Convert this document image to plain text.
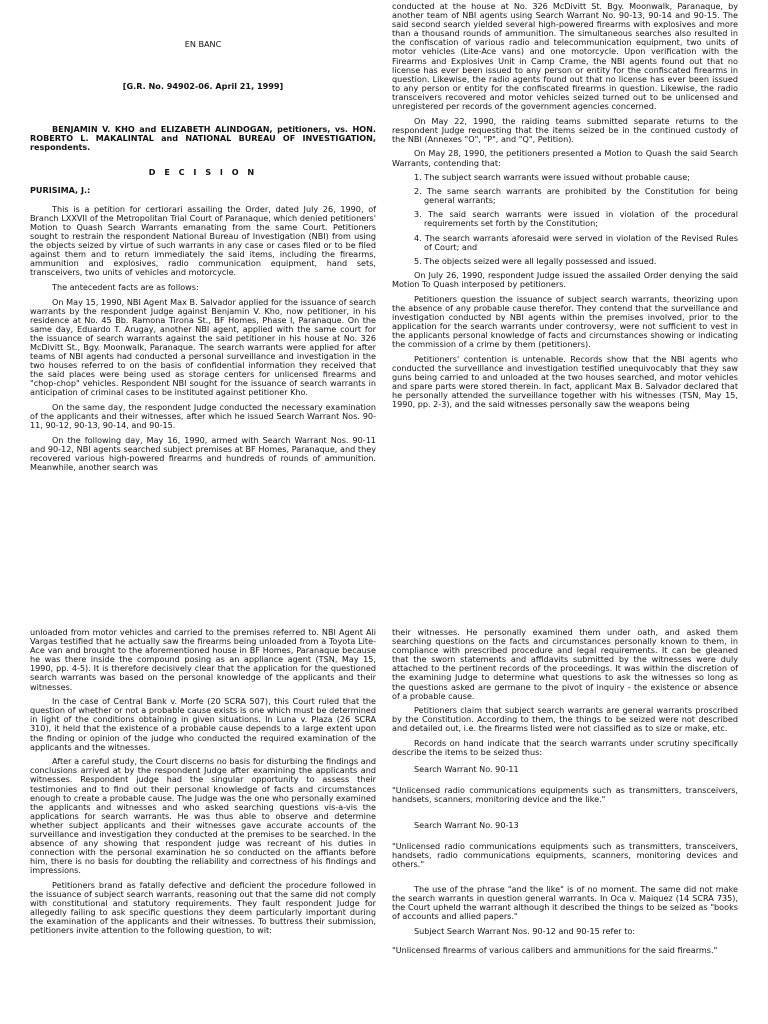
EN BANC

[G.R. No. 94902-06. April 21, 1999]

BENJAMIN V. KHO and ELIZABETH ALINDOGAN, petitioners, vs. HON. ROBERTO L. MAKALINTAL and NATIONAL BUREAU OF INVESTIGATION, respondents.

D E C I S I O N

PURISIMA, J.:

This is a petition for certiorari assailing the Order, dated July 26, 1990, of Branch LXXVII of the Metropolitan Trial Court of Paranaque, which denied petitioners' Motion to Quash Search Warrants emanating from the same Court. Petitioners sought to restrain the respondent National Bureau of Investigation (NBI) from using the objects seized by virtue of such warrants in any case or cases filed or to be filed against them and to return immediately the said items, including the firearms, ammunition and explosives, radio communication equipment, hand sets, transceivers, two units of vehicles and motorcycle.

The antecedent facts are as follows:

On May 15, 1990, NBI Agent Max B. Salvador applied for the issuance of search warrants by the respondent Judge against Benjamin V. Kho, now petitioner, in his residence at No. 45 Bb. Ramona Tirona St., BF Homes, Phase I, Paranaque. On the same day, Eduardo T. Arugay, another NBI agent, applied with the same court for the issuance of search warrants against the said petitioner in his house at No. 326 McDivitt St., Bgy. Moonwalk, Paranaque. The search warrants were applied for after teams of NBI agents had conducted a personal surveillance and investigation in the two houses referred to on the basis of confidential information they received that the said places were being used as storage centers for unlicensed firearms and "chop-chop" vehicles. Respondent NBI sought for the issuance of search warrants in anticipation of criminal cases to be instituted against petitioner Kho.

On the same day, the respondent Judge conducted the necessary examination of the applicants and their witnesses, after which he issued Search Warrant Nos. 90-11, 90-12, 90-13, 90-14, and 90-15.

On the following day, May 16, 1990, armed with Search Warrant Nos. 90-11 and 90-12, NBI agents searched subject premises at BF Homes, Paranaque, and they recovered various high-powered firearms and hundreds of rounds of ammunition. Meanwhile, another search was

conducted at the house at No. 326 McDivitt St. Bgy. Moonwalk, Paranaque, by another team of NBI agents using Search Warrant No. 90-13, 90-14 and 90-15. The said second search yielded several high-powered firearms with explosives and more than a thousand rounds of ammunition. The simultaneous searches also resulted in the confiscation of various radio and telecommunication equipment, two units of motor vehicles (Lite-Ace vans) and one motorcycle. Upon verification with the Firearms and Explosives Unit in Camp Crame, the NBI agents found out that no license has ever been issued to any person or entity for the confiscated firearms in question. Likewise, the radio agents found out that no license has ever been issued to any person or entity for the confiscated firearms in question. Likewise, the radio transceivers recovered and motor vehicles seized turned out to be unlicensed and unregistered per records of the government agencies concerned.

On May 22, 1990, the raiding teams submitted separate returns to the respondent Judge requesting that the items seized be in the continued custody of the NBI (Annexes "O", "P", and "Q", Petition).

On May 28, 1990, the petitioners presented a Motion to Quash the said Search Warrants, contending that:

1. The subject search warrants were issued without probable cause;
2. The same search warrants are prohibited by the Constitution for being general warrants;
3. The said search warrants were issued in violation of the procedural requirements set forth by the Constitution;
4. The search warrants aforesaid were served in violation of the Revised Rules of Court; and
5. The objects seized were all legally possessed and issued.

On July 26, 1990, respondent Judge issued the assailed Order denying the said Motion To Quash interposed by petitioners.

Petitioners question the issuance of subject search warrants, theorizing upon the absence of any probable cause therefor. They contend that the surveillance and investigation conducted by NBI agents within the premises involved, prior to the application for the search warrants under controversy, were not sufficient to vest in the applicants personal knowledge of facts and circumstances showing or indicating the commission of a crime by them (petitioners).

Petitioners' contention is untenable. Records show that the NBI agents who conducted the surveillance and investigation testified unequivocably that they saw guns being carried to and unloaded at the two houses searched, and motor vehicles and spare parts were stored therein. In fact, applicant Max B. Salvador declared that he personally attended the surveillance together with his witnesses (TSN, May 15, 1990, pp. 2-3), and the said witnesses personally saw the weapons being

unloaded from motor vehicles and carried to the premises referred to. NBI Agent Ali Vargas testified that he actually saw the firearms being unloaded from a Toyota Lite-Ace van and brought to the aforementioned house in BF Homes, Paranaque because he was there inside the compound posing as an appliance agent (TSN, May 15, 1990, pp. 4-5). It is therefore decisively clear that the application for the questioned search warrants was based on the personal knowledge of the applicants and their witnesses.

In the case of Central Bank v. Morfe (20 SCRA 507), this Court ruled that the question of whether or not a probable cause exists is one which must be determined in light of the conditions obtaining in given situations. In Luna v. Plaza (26 SCRA 310), it held that the existence of a probable cause depends to a large extent upon the finding or opinion of the judge who conducted the required examination of the applicants and the witnesses.

After a careful study, the Court discerns no basis for disturbing the findings and conclusions arrived at by the respondent Judge after examining the applicants and witnesses. Respondent judge had the singular opportunity to assess their testimonies and to find out their personal knowledge of facts and circumstances enough to create a probable cause. The Judge was the one who personally examined the applicants and witnesses and who asked searching questions vis-a-vis the applications for search warrants. He was thus able to observe and determine whether subject applicants and their witnesses gave accurate accounts of the surveillance and investigation they conducted at the premises to be searched. In the absence of any showing that respondent judge was recreant of his duties in connection with the personal examination he so conducted on the affiants before him, there is no basis for doubting the reliability and correctness of his findings and impressions.

Petitioners brand as fatally defective and deficient the procedure followed in the issuance of subject search warrants, reasoning out that the same did not comply with constitutional and statutory requirements. They fault respondent Judge for allegedly failing to ask specific questions they deem particularly important during the examination of the applicants and their witnesses. To buttress their submission, petitioners invite attention to the following question, to wit:

their witnesses. He personally examined them under oath, and asked them searching questions on the facts and circumstances personally known to them, in compliance with prescribed procedure and legal requirements. It can be gleaned that the sworn statements and affidavits submitted by the witnesses were duly attached to the pertinent records of the proceedings. It was within the discretion of the examining Judge to determine what questions to ask the witnesses so long as the questions asked are germane to the pivot of inquiry - the existence or absence of a probable cause.

Petitioners claim that subject search warrants are general warrants proscribed by the Constitution. According to them, the things to be seized were not described and detailed out, i.e. the firearms listed were not classified as to size or make, etc.

Records on hand indicate that the search warrants under scrutiny specifically describe the items to be seized thus:

Search Warrant No. 90-11

"Unlicensed radio communications equipments such as transmitters, transceivers, handsets, scanners, monitoring device and the like."

Search Warrant No. 90-13

"Unlicensed radio communications equipments such as transmitters, transceivers, handsets, radio communications equipments, scanners, monitoring devices and others."

The use of the phrase "and the like" is of no moment. The same did not make the search warrants in question general warrants. In Oca v. Maiquez (14 SCRA 735), the Court upheld the warrant although it described the things to be seized as "books of accounts and allied papers."

Subject Search Warrant Nos. 90-12 and 90-15 refer to:

"Unlicensed firearms of various calibers and ammunitions for the said firearms."
